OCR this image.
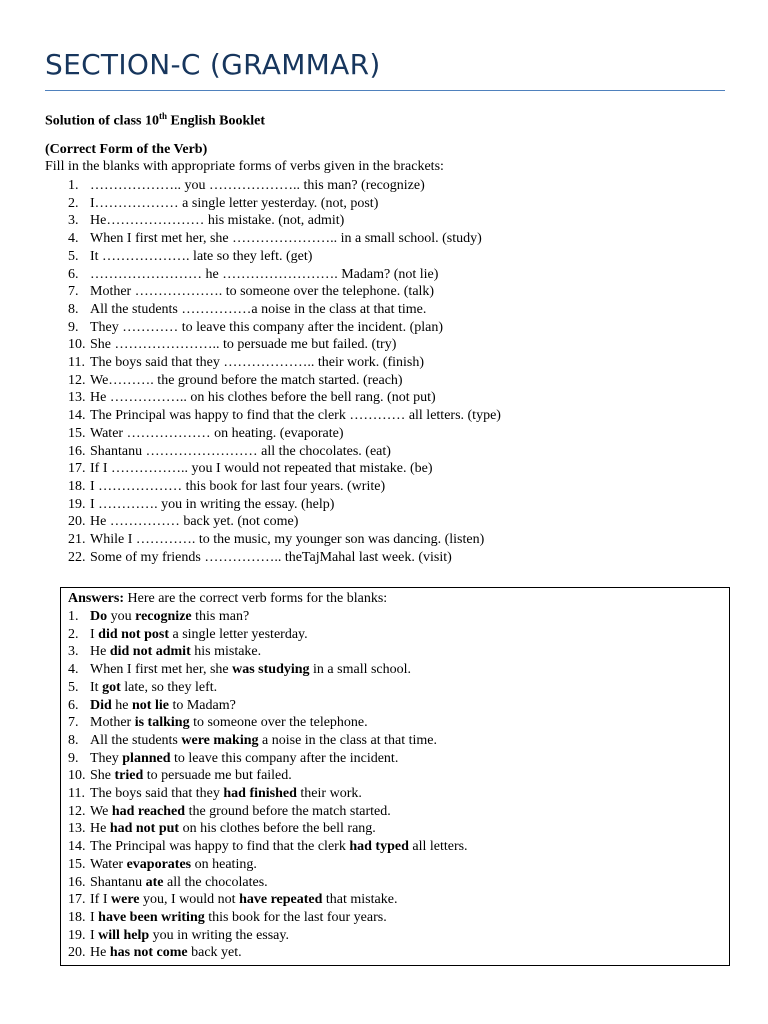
SECTION-C (GRAMMAR)
Solution of class 10th English Booklet
(Correct Form of the Verb)
Fill in the blanks with appropriate forms of verbs given in the brackets:
1. ……………….. you ……………….. this man? (recognize)
2. I……………… a single letter yesterday. (not, post)
3. He………………… his mistake. (not, admit)
4. When I first met her, she ………………….. in a small school. (study)
5. It ………………. late so they left. (get)
6. …………………… he ……………………. Madam? (not lie)
7. Mother ………………. to someone over the telephone. (talk)
8. All the students ……………a noise in the class at that time.
9. They ………… to leave this company after the incident. (plan)
10. She ………………….. to persuade me but failed. (try)
11. The boys said that they ……………….. their work. (finish)
12. We………. the ground before the match started. (reach)
13. He …………….. on his clothes before the bell rang. (not put)
14. The Principal was happy to find that the clerk ………… all letters. (type)
15. Water ……………… on heating. (evaporate)
16. Shantanu …………………… all the chocolates. (eat)
17. If I …………….. you I would not repeated that mistake. (be)
18. I ……………… this book for last four years. (write)
19. I …………. you in writing the essay. (help)
20. He …………… back yet. (not come)
21. While I …………. to the music, my younger son was dancing. (listen)
22. Some of my friends …………….. theTajMahal last week. (visit)
Answers: Here are the correct verb forms for the blanks:
1. Do you recognize this man?
2. I did not post a single letter yesterday.
3. He did not admit his mistake.
4. When I first met her, she was studying in a small school.
5. It got late, so they left.
6. Did he not lie to Madam?
7. Mother is talking to someone over the telephone.
8. All the students were making a noise in the class at that time.
9. They planned to leave this company after the incident.
10. She tried to persuade me but failed.
11. The boys said that they had finished their work.
12. We had reached the ground before the match started.
13. He had not put on his clothes before the bell rang.
14. The Principal was happy to find that the clerk had typed all letters.
15. Water evaporates on heating.
16. Shantanu ate all the chocolates.
17. If I were you, I would not have repeated that mistake.
18. I have been writing this book for the last four years.
19. I will help you in writing the essay.
20. He has not come back yet.
